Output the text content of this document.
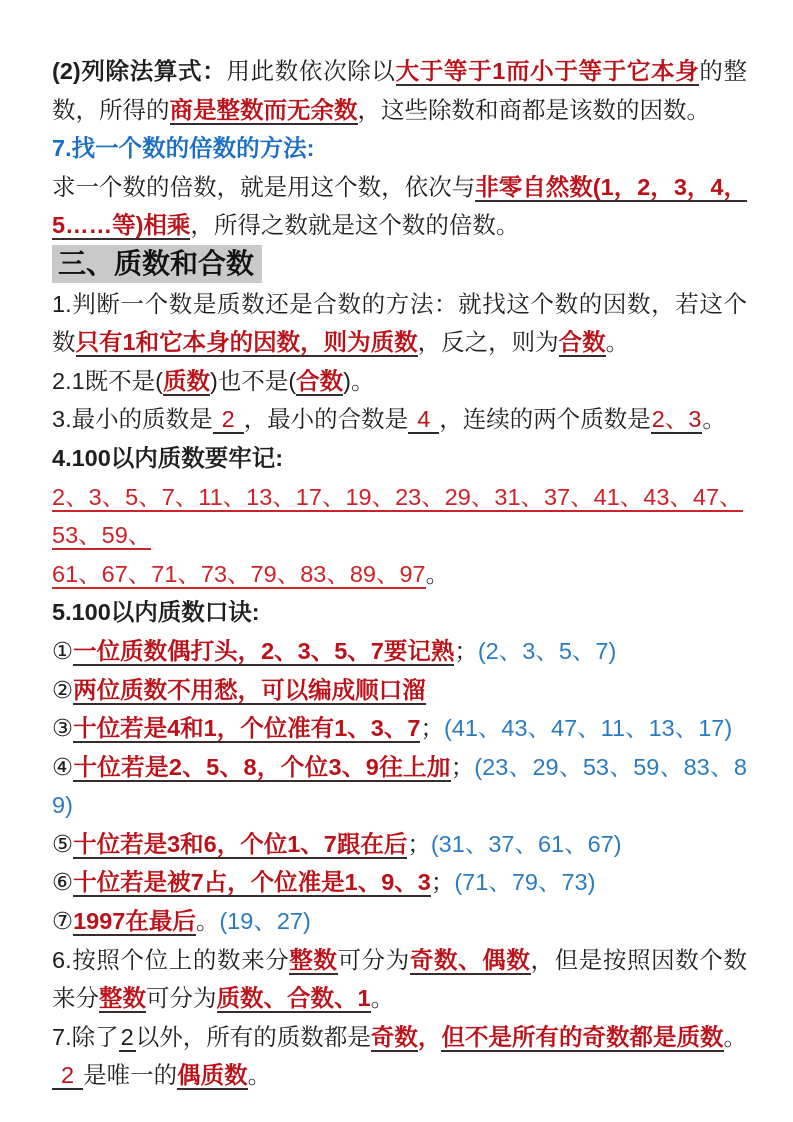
(2)列除法算式：用此数依次除以大于等于1而小于等于它本身的整数，所得的商是整数而无余数，这些除数和商都是该数的因数。

7.找一个数的倍数的方法:

求一个数的倍数，就是用这个数，依次与非零自然数(1，2，3，4，5……等)相乘，所得之数就是这个数的倍数。

三、质数和合数

1.判断一个数是质数还是合数的方法：就找这个数的因数，若这个数只有1和它本身的因数，则为质数，反之，则为合数。

2.1既不是(质数)也不是(合数)。

3.最小的质数是 2 ，最小的合数是 4 ，连续的两个质数是2、3。

4.100以内质数要牢记:

2、3、5、7、11、13、17、19、23、29、31、37、41、43、47、

53、59、

61、67、71、73、79、83、89、97。

5.100以内质数口诀:

①一位质数偶打头，2、3、5、7要记熟；(2、3、5、7)

②两位质数不用愁，可以编成顺口溜

③十位若是4和1，个位准有1、3、7；(41、43、47、11、13、17)

④十位若是2、5、8，个位3、9往上加；(23、29、53、59、83、89)

⑤十位若是3和6，个位1、7跟在后；(31、37、61、67)

⑥十位若是被7占，个位准是1、9、3；(71、79、73)

⑦1997在最后。(19、27)

6.按照个位上的数来分整数可分为奇数、偶数，但是按照因数个数来分整数可分为质数、合数、1。

7.除了2以外，所有的质数都是奇数，但不是所有的奇数都是质数。2 是唯一的偶质数。
